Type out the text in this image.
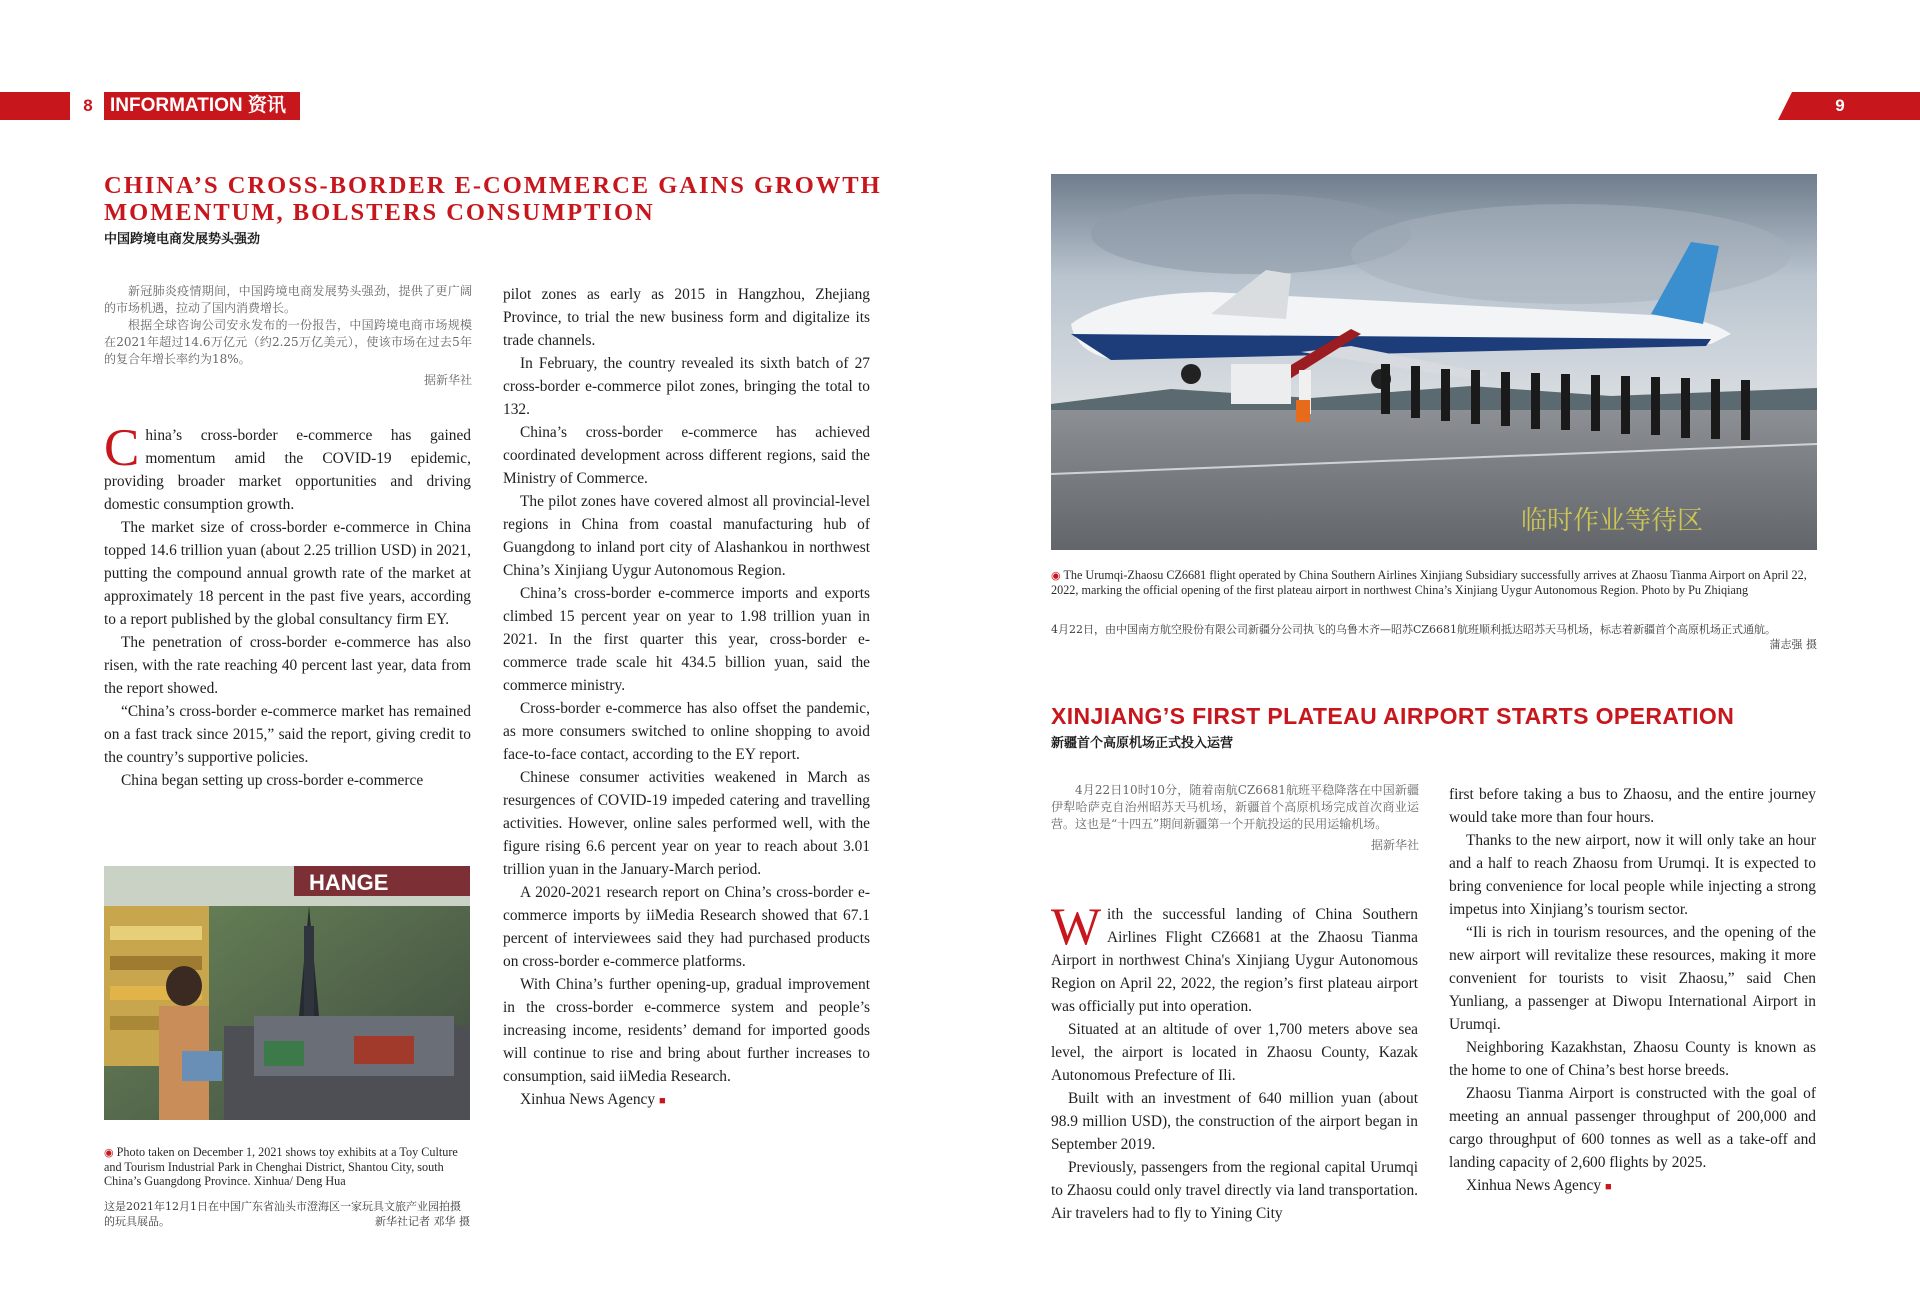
8 INFORMATION 资讯	9
CHINA’S CROSS-BORDER E-COMMERCE GAINS GROWTH MOMENTUM, BOLSTERS CONSUMPTION
中国跨境电商发展势头强劲

新冠肺炎疫情期间，中国跨境电商发展势头强劲，提供了更广阔的市场机遇，拉动了国内消费增长。

根据全球咨询公司安永发布的一份报告，中国跨境电商市场规模在2021年超过14.6万亿元（约2.25万亿美元），使该市场在过去5年的复合年增长率约为18%。

据新华社

China’s cross-border e-commerce has gained momentum amid the COVID-19 epidemic, providing broader market opportunities and driving domestic consumption growth.

The market size of cross-border e-commerce in China topped 14.6 trillion yuan (about 2.25 trillion USD) in 2021, putting the compound annual growth rate of the market at approximately 18 percent in the past five years, according to a report published by the global consultancy firm EY.

The penetration of cross-border e-commerce has also risen, with the rate reaching 40 percent last year, data from the report showed.

“China’s cross-border e-commerce market has remained on a fast track since 2015,” said the report, giving credit to the country’s supportive policies.

China began setting up cross-border e-commerce

pilot zones as early as 2015 in Hangzhou, Zhejiang Province, to trial the new business form and digitalize its trade channels.

In February, the country revealed its sixth batch of 27 cross-border e-commerce pilot zones, bringing the total to 132.

China’s cross-border e-commerce has achieved coordinated development across different regions, said the Ministry of Commerce.

The pilot zones have covered almost all provincial-level regions in China from coastal manufacturing hub of Guangdong to inland port city of Alashankou in northwest China’s Xinjiang Uygur Autonomous Region.

China’s cross-border e-commerce imports and exports climbed 15 percent year on year to 1.98 trillion yuan in 2021. In the first quarter this year, cross-border e-commerce trade scale hit 434.5 billion yuan, said the commerce ministry.

Cross-border e-commerce has also offset the pandemic, as more consumers switched to online shopping to avoid face-to-face contact, according to the EY report.

Chinese consumer activities weakened in March as resurgences of COVID-19 impeded catering and travelling activities. However, online sales performed well, with the figure rising 6.6 percent year on year to reach about 3.01 trillion yuan in the January-March period.

A 2020-2021 research report on China’s cross-border e-commerce imports by iiMedia Research showed that 67.1 percent of interviewees said they had purchased products on cross-border e-commerce platforms.

With China’s further opening-up, gradual improvement in the cross-border e-commerce system and people’s increasing income, residents’ demand for imported goods will continue to rise and bring about further increases to consumption, said iiMedia Research.

Xinhua News Agency ■

HANGE
◉ Photo taken on December 1, 2021 shows toy exhibits at a Toy Culture and Tourism Industrial Park in Chenghai District, Shantou City, south China’s Guangdong Province. Xinhua/ Deng Hua
这是2021年12月1日在中国广东省汕头市澄海区一家玩具文旅产业园拍摄的玩具展品。	新华社记者 邓华 摄
临时作业等待区
◉ The Urumqi-Zhaosu CZ6681 flight operated by China Southern Airlines Xinjiang Subsidiary successfully arrives at Zhaosu Tianma Airport on April 22, 2022, marking the official opening of the first plateau airport in northwest China’s Xinjiang Uygur Autonomous Region. Photo by Pu Zhiqiang
4月22日，由中国南方航空股份有限公司新疆分公司执飞的乌鲁木齐—昭苏CZ6681航班顺利抵达昭苏天马机场，标志着新疆首个高原机场正式通航。
蒲志强 摄
XINJIANG’S FIRST PLATEAU AIRPORT STARTS OPERATION
新疆首个高原机场正式投入运营

4月22日10时10分，随着南航CZ6681航班平稳降落在中国新疆伊犁哈萨克自治州昭苏天马机场，新疆首个高原机场完成首次商业运营。这也是“十四五”期间新疆第一个开航投运的民用运输机场。

据新华社

With the successful landing of China Southern Airlines Flight CZ6681 at the Zhaosu Tianma Airport in northwest China's Xinjiang Uygur Autonomous Region on April 22, 2022, the region’s first plateau airport was officially put into operation.

Situated at an altitude of over 1,700 meters above sea level, the airport is located in Zhaosu County, Kazak Autonomous Prefecture of Ili.

Built with an investment of 640 million yuan (about 98.9 million USD), the construction of the airport began in September 2019.

Previously, passengers from the regional capital Urumqi to Zhaosu could only travel directly via land transportation. Air travelers had to fly to Yining City

first before taking a bus to Zhaosu, and the entire journey would take more than four hours.

Thanks to the new airport, now it will only take an hour and a half to reach Zhaosu from Urumqi. It is expected to bring convenience for local people while injecting a strong impetus into Xinjiang’s tourism sector.

“Ili is rich in tourism resources, and the opening of the new airport will revitalize these resources, making it more convenient for tourists to visit Zhaosu,” said Chen Yunliang, a passenger at Diwopu International Airport in Urumqi.

Neighboring Kazakhstan, Zhaosu County is known as the home to one of China’s best horse breeds.

Zhaosu Tianma Airport is constructed with the goal of meeting an annual passenger throughput of 200,000 and cargo throughput of 600 tonnes as well as a take-off and landing capacity of 2,600 flights by 2025.

Xinhua News Agency ■
